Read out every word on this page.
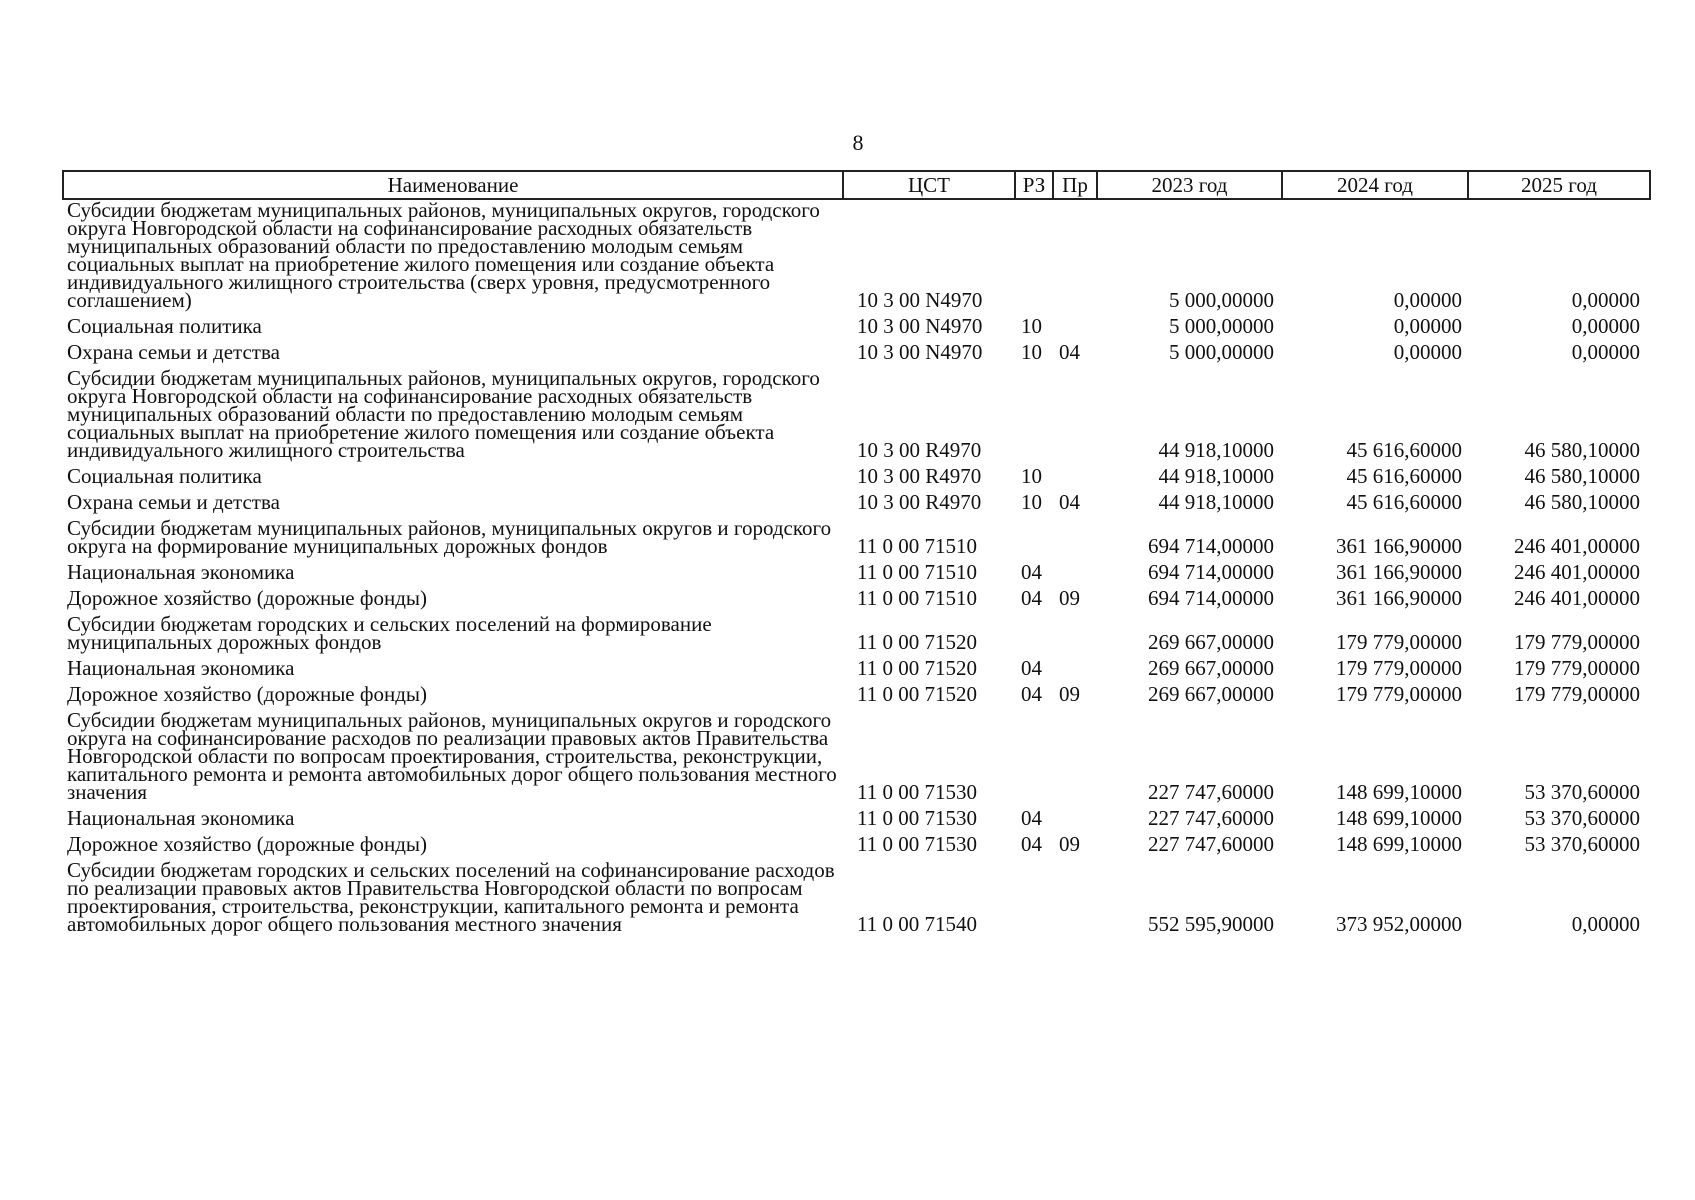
8
Наименование	ЦСТ	РЗ	Пр	2023 год	2024 год	2025 год
Субсидии бюджетам муниципальных районов, муниципальных округов, городского округа Новгородской области на софинансирование расходных обязательств муниципальных образований области по предоставлению молодым семьям социальных выплат на приобретение жилого помещения или создание объекта индивидуального жилищного строительства (сверх уровня, предусмотренного соглашением)	10 3 00 N4970			5 000,00000	0,00000	0,00000
Социальная политика	10 3 00 N4970	10		5 000,00000	0,00000	0,00000
Охрана семьи и детства	10 3 00 N4970	10	04	5 000,00000	0,00000	0,00000
Субсидии бюджетам муниципальных районов, муниципальных округов, городского округа Новгородской области на софинансирование расходных обязательств муниципальных образований области по предоставлению молодым семьям социальных выплат на приобретение жилого помещения или создание объекта индивидуального жилищного строительства	10 3 00 R4970			44 918,10000	45 616,60000	46 580,10000
Социальная политика	10 3 00 R4970	10		44 918,10000	45 616,60000	46 580,10000
Охрана семьи и детства	10 3 00 R4970	10	04	44 918,10000	45 616,60000	46 580,10000
Субсидии бюджетам муниципальных районов, муниципальных округов и городского округа на формирование муниципальных дорожных фондов	11 0 00 71510			694 714,00000	361 166,90000	246 401,00000
Национальная экономика	11 0 00 71510	04		694 714,00000	361 166,90000	246 401,00000
Дорожное хозяйство (дорожные фонды)	11 0 00 71510	04	09	694 714,00000	361 166,90000	246 401,00000
Субсидии бюджетам городских и сельских поселений на формирование муниципальных дорожных фондов	11 0 00 71520			269 667,00000	179 779,00000	179 779,00000
Национальная экономика	11 0 00 71520	04		269 667,00000	179 779,00000	179 779,00000
Дорожное хозяйство (дорожные фонды)	11 0 00 71520	04	09	269 667,00000	179 779,00000	179 779,00000
Субсидии бюджетам муниципальных районов, муниципальных округов и городского округа на софинансирование расходов по реализации правовых актов Правительства Новгородской области по вопросам проектирования, строительства, реконструкции, капитального ремонта и ремонта автомобильных дорог общего пользования местного значения	11 0 00 71530			227 747,60000	148 699,10000	53 370,60000
Национальная экономика	11 0 00 71530	04		227 747,60000	148 699,10000	53 370,60000
Дорожное хозяйство (дорожные фонды)	11 0 00 71530	04	09	227 747,60000	148 699,10000	53 370,60000
Субсидии бюджетам городских и сельских поселений на софинансирование расходов по реализации правовых актов Правительства Новгородской области по вопросам проектирования, строительства, реконструкции, капитального ремонта и ремонта автомобильных дорог общего пользования местного значения	11 0 00 71540			552 595,90000	373 952,00000	0,00000
